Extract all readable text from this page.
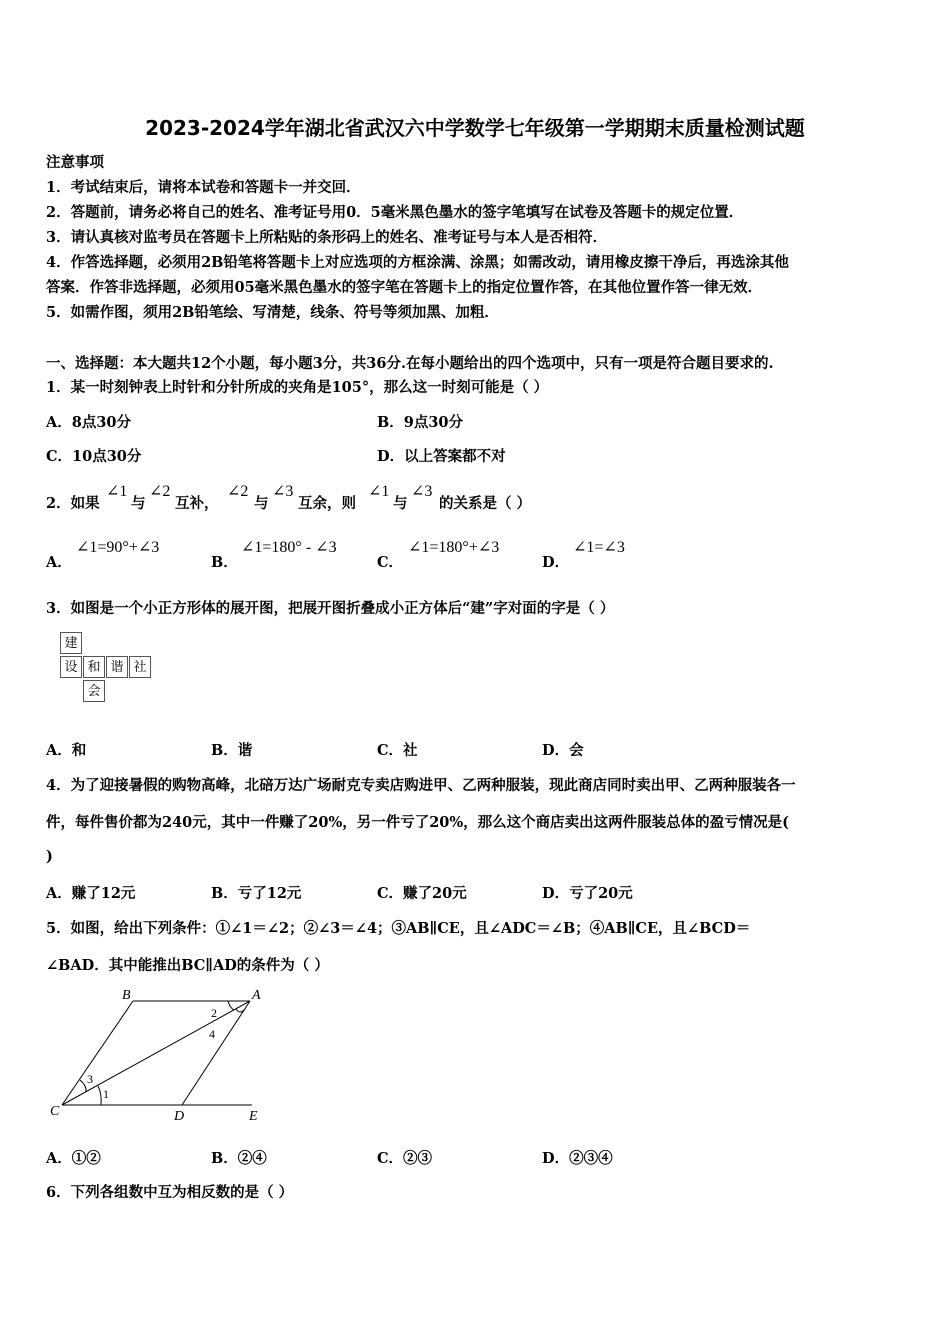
2023-2024学年湖北省武汉六中学数学七年级第一学期期末质量检测试题
注意事项
1．考试结束后，请将本试卷和答题卡一并交回．
2．答题前，请务必将自己的姓名、准考证号用0．5毫米黑色墨水的签字笔填写在试卷及答题卡的规定位置．
3．请认真核对监考员在答题卡上所粘贴的条形码上的姓名、准考证号与本人是否相符．
4．作答选择题，必须用2B铅笔将答题卡上对应选项的方框涂满、涂黑；如需改动，请用橡皮擦干净后，再选涂其他
答案．作答非选择题，必须用05毫米黑色墨水的签字笔在答题卡上的指定位置作答，在其他位置作答一律无效．
5．如需作图，须用2B铅笔绘、写清楚，线条、符号等须加黑、加粗．
一、选择题：本大题共12个小题，每小题3分，共36分.在每小题给出的四个选项中，只有一项是符合题目要求的.
1．某一时刻钟表上时针和分针所成的夹角是105°，那么这一时刻可能是（ ）
A．8点30分	B．9点30分
C．10点30分	D．以上答案都不对
2．如果
∠1
与
∠2
互补，
∠2
与
∠3
互余，则
∠1
与
∠3
的关系是（ ）
A．
∠1=90°+∠3
B．
∠1=180° - ∠3
C．
∠1=180°+∠3
D．
∠1=∠3
3．如图是一个小正方形体的展开图，把展开图折叠成小正方体后“建”字对面的字是（ ）
建
设 和 谐 社
会
A．和	B．谐	C．社	D．会
4．为了迎接暑假的购物高峰，北碚万达广场耐克专卖店购进甲、乙两种服装，现此商店同时卖出甲、乙两种服装各一
件，每件售价都为240元，其中一件赚了20%，另一件亏了20%，那么这个商店卖出这两件服装总体的盈亏情况是(
)
A．赚了12元	B．亏了12元	C．赚了20元	D．亏了20元
5．如图，给出下列条件：①∠1＝∠2；②∠3＝∠4；③AB∥CE，且∠ADC＝∠B；④AB∥CE，且∠BCD＝
∠BAD．其中能推出BC∥AD的条件为（ ）
B	A
C	D	E
2
4
3
1
A．①②	B．②④	C．②③	D．②③④
6．下列各组数中互为相反数的是（ ）
